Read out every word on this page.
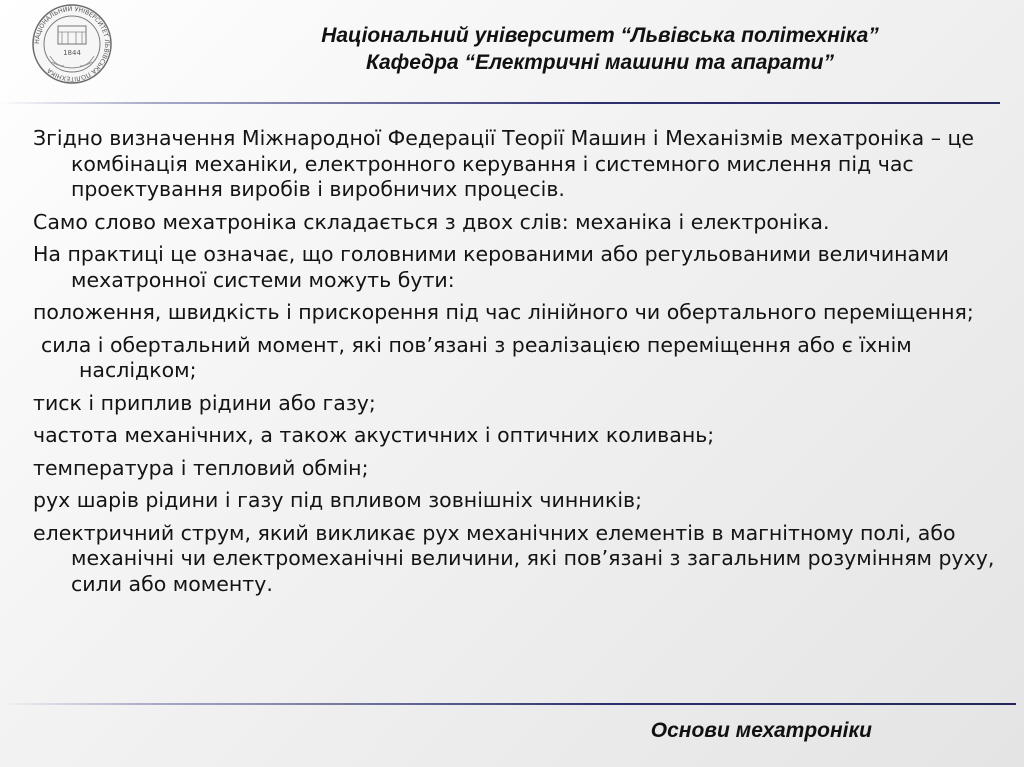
НАЦІОНАЛЬНИЙ УНІВЕРСИТЕТ ЛЬВІВСЬКА ПОЛІТЕХНІКА
1844
Національний університет “Львівська політехніка”
Кафедра “Електричні машини та апарати”

Згідно визначення Міжнародної Федерації Теорії Машин і Механізмів мехатроніка – це комбінація механіки, електронного керування і системного мислення під час проектування виробів і виробничих процесів.

Само слово мехатроніка складається з двох слів: механіка і електроніка.

На практиці це означає, що головними керованими або регульованими величинами мехатронної системи можуть бути:

положення, швидкість і прискорення під час лінійного чи обертального переміщення;

сила і обертальний момент, які пов’язані з реалізацією переміщення або є їхнім наслідком;

тиск і приплив рідини або газу;

частота механічних, а також акустичних і оптичних коливань;

температура і тепловий обмін;

рух шарів рідини і газу під впливом зовнішніх чинників;

електричний струм, який викликає рух механічних елементів в магнітному полі, або механічні чи електромеханічні величини, які пов’язані з загальним розумінням руху, сили або моменту.

Основи мехатроніки
